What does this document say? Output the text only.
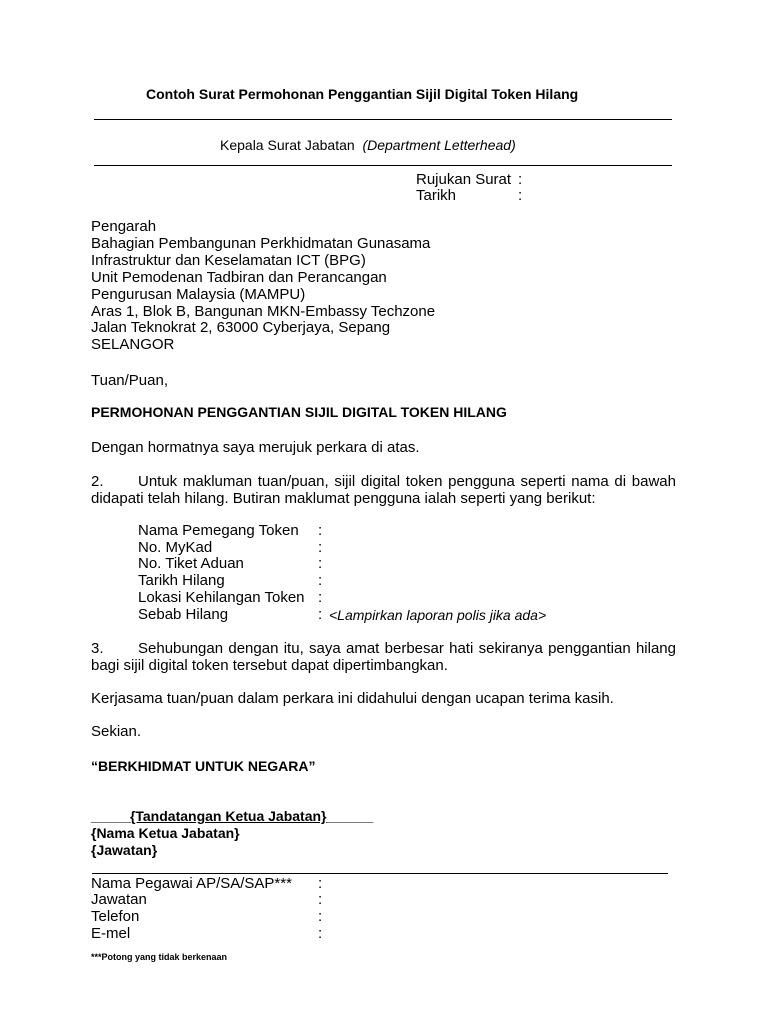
Contoh Surat Permohonan Penggantian Sijil Digital Token Hilang
Kepala Surat Jabatan (Department Letterhead)
Rujukan Surat :
Tarikh	:
Pengarah
Bahagian Pembangunan Perkhidmatan Gunasama
Infrastruktur dan Keselamatan ICT (BPG)
Unit Pemodenan Tadbiran dan Perancangan
Pengurusan Malaysia (MAMPU)
Aras 1, Blok B, Bangunan MKN-Embassy Techzone
Jalan Teknokrat 2, 63000 Cyberjaya, Sepang
SELANGOR
Tuan/Puan,
PERMOHONAN PENGGANTIAN SIJIL DIGITAL TOKEN HILANG
Dengan hormatnya saya merujuk perkara di atas.
2. Untuk makluman tuan/puan, sijil digital token pengguna seperti nama di bawah didapati telah hilang. Butiran maklumat pengguna ialah seperti yang berikut:
Nama Pemegang Token :
No. MyKad	:
No. Tiket Aduan	:
Tarikh Hilang	:
Lokasi Kehilangan Token :
Sebab Hilang	: <Lampirkan laporan polis jika ada>
3. Sehubungan dengan itu, saya amat berbesar hati sekiranya penggantian hilang bagi sijil digital token tersebut dapat dipertimbangkan.
Kerjasama tuan/puan dalam perkara ini didahului dengan ucapan terima kasih.
Sekian.
“BERKHIDMAT UNTUK NEGARA”
_____{Tandatangan Ketua Jabatan}______
{Nama Ketua Jabatan}
{Jawatan}
Nama Pegawai AP/SA/SAP*** :
Jawatan	:
Telefon	:
E-mel	:
***Potong yang tidak berkenaan
